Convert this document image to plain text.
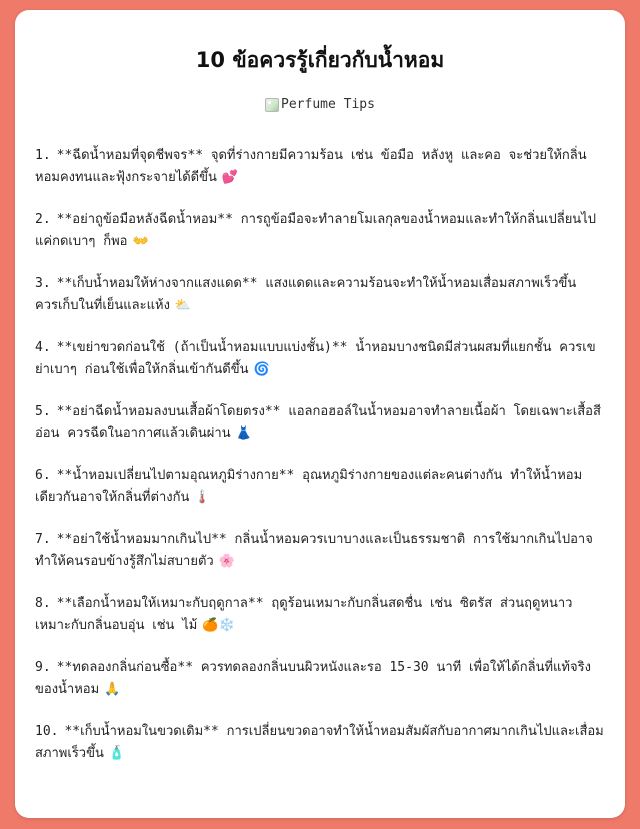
10 ข้อควรรู้เกี่ยวกับน้ำหอม
Perfume Tips
1. **ฉีดน้ำหอมที่จุดชีพจร** จุดที่ร่างกายมีความร้อน เช่น ข้อมือ หลังหู และคอ จะช่วยให้กลิ่นหอมคงทนและฟุ้งกระจายได้ดีขึ้น 💕
2. **อย่าถูข้อมือหลังฉีดน้ำหอม** การถูข้อมือจะทำลายโมเลกุลของน้ำหอมและทำให้กลิ่นเปลี่ยนไป แค่กดเบาๆ ก็พอ 👐
3. **เก็บน้ำหอมให้ห่างจากแสงแดด** แสงแดดและความร้อนจะทำให้น้ำหอมเสื่อมสภาพเร็วขึ้น ควรเก็บในที่เย็นและแห้ง ⛅
4. **เขย่าขวดก่อนใช้ (ถ้าเป็นน้ำหอมแบบแบ่งชั้น)** น้ำหอมบางชนิดมีส่วนผสมที่แยกชั้น ควรเขย่าเบาๆ ก่อนใช้เพื่อให้กลิ่นเข้ากันดีขึ้น 🌀
5. **อย่าฉีดน้ำหอมลงบนเสื้อผ้าโดยตรง** แอลกอฮอล์ในน้ำหอมอาจทำลายเนื้อผ้า โดยเฉพาะเสื้อสีอ่อน ควรฉีดในอากาศแล้วเดินผ่าน 👗
6. **น้ำหอมเปลี่ยนไปตามอุณหภูมิร่างกาย** อุณหภูมิร่างกายของแต่ละคนต่างกัน ทำให้น้ำหอมเดียวกันอาจให้กลิ่นที่ต่างกัน 🌡️
7. **อย่าใช้น้ำหอมมากเกินไป** กลิ่นน้ำหอมควรเบาบางและเป็นธรรมชาติ การใช้มากเกินไปอาจทำให้คนรอบข้างรู้สึกไม่สบายตัว 🌸
8. **เลือกน้ำหอมให้เหมาะกับฤดูกาล** ฤดูร้อนเหมาะกับกลิ่นสดชื่น เช่น ซิตรัส ส่วนฤดูหนาวเหมาะกับกลิ่นอบอุ่น เช่น ไม้ 🍊❄️
9. **ทดลองกลิ่นก่อนซื้อ** ควรทดลองกลิ่นบนผิวหนังและรอ 15-30 นาที เพื่อให้ได้กลิ่นที่แท้จริงของน้ำหอม 🙏
10. **เก็บน้ำหอมในขวดเดิม** การเปลี่ยนขวดอาจทำให้น้ำหอมสัมผัสกับอากาศมากเกินไปและเสื่อมสภาพเร็วขึ้น 🧴
